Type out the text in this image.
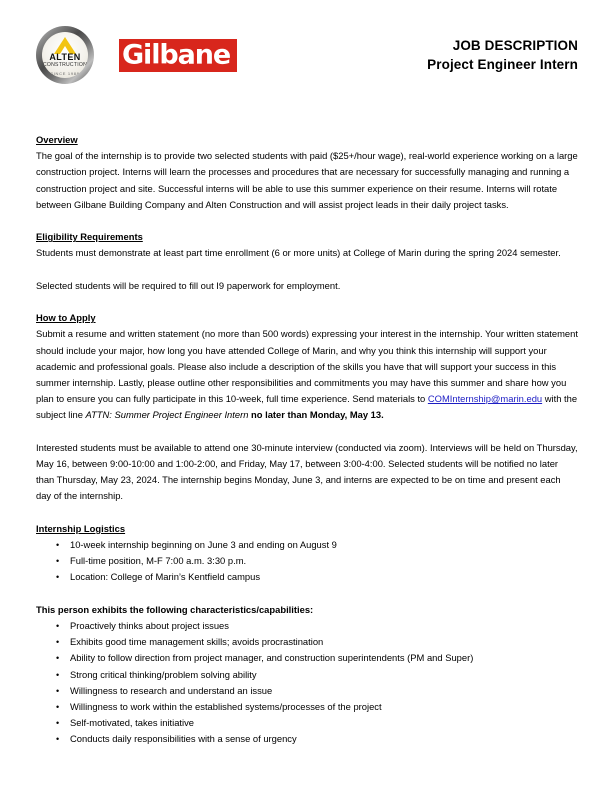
ALTEN
CONSTRUCTION
SINCE 1988
Gilbane	JOB DESCRIPTION
Project Engineer Intern
Overview

The goal of the internship is to provide two selected students with paid ($25+/hour wage), real-world experience working on a large construction project. Interns will learn the processes and procedures that are necessary for successfully managing and running a construction project and site. Successful interns will be able to use this summer experience on their resume. Interns will rotate between Gilbane Building Company and Alten Construction and will assist project leads in their daily project tasks.

Eligibility Requirements

Students must demonstrate at least part time enrollment (6 or more units) at College of Marin during the spring 2024 semester.

Selected students will be required to fill out I9 paperwork for employment.

How to Apply

Submit a resume and written statement (no more than 500 words) expressing your interest in the internship. Your written statement should include your major, how long you have attended College of Marin, and why you think this internship will support your academic and professional goals. Please also include a description of the skills you have that will support your success in this summer internship. Lastly, please outline other responsibilities and commitments you may have this summer and share how you plan to ensure you can fully participate in this 10-week, full time experience. Send materials to COMInternship@marin.edu with the subject line ATTN: Summer Project Engineer Intern no later than Monday, May 13.

Interested students must be available to attend one 30-minute interview (conducted via zoom). Interviews will be held on Thursday, May 16, between 9:00-10:00 and 1:00-2:00, and Friday, May 17, between 3:00-4:00. Selected students will be notified no later than Thursday, May 23, 2024. The internship begins Monday, June 3, and interns are expected to be on time and present each day of the internship.

Internship Logistics
• 10-week internship beginning on June 3 and ending on August 9
• Full-time position, M-F 7:00 a.m. 3:30 p.m.
• Location: College of Marin’s Kentfield campus
This person exhibits the following characteristics/capabilities:
• Proactively thinks about project issues
• Exhibits good time management skills; avoids procrastination
• Ability to follow direction from project manager, and construction superintendents (PM and Super)
• Strong critical thinking/problem solving ability
• Willingness to research and understand an issue
• Willingness to work within the established systems/processes of the project
• Self-motivated, takes initiative
• Conducts daily responsibilities with a sense of urgency
